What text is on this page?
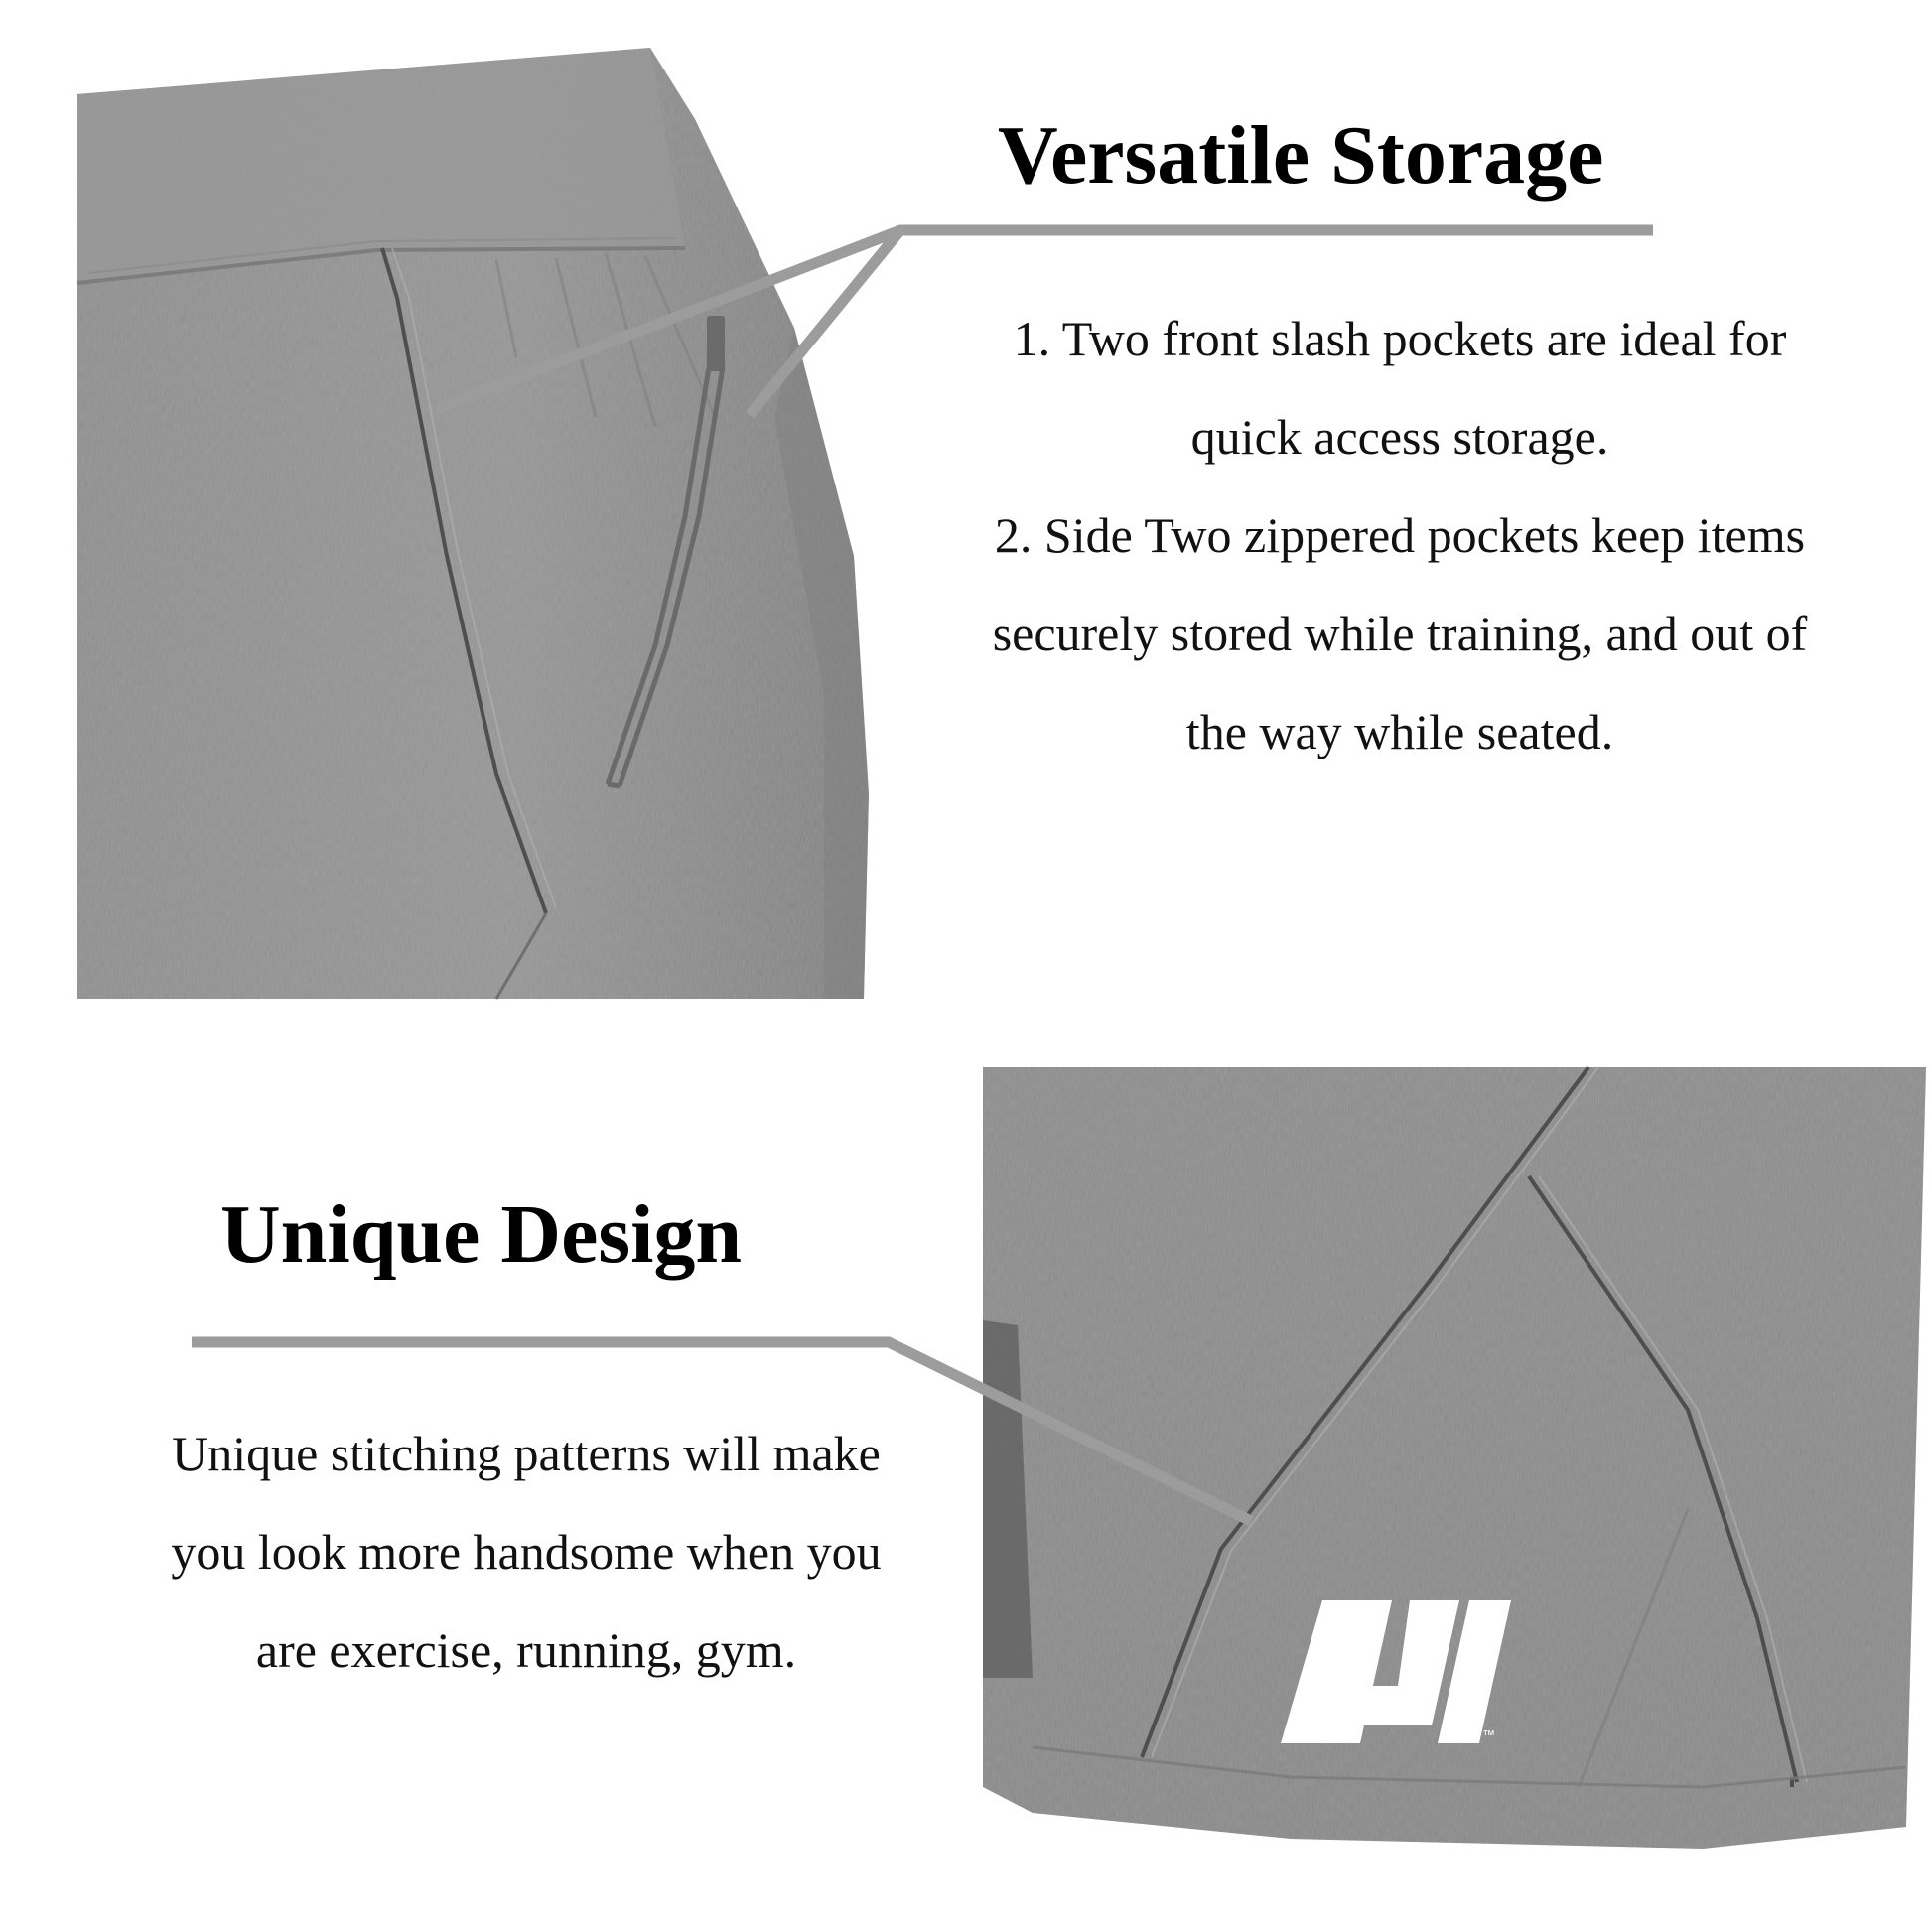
™
Versatile Storage
1. Two front slash pockets are ideal for
quick access storage.
2. Side Two zippered pockets keep items
securely stored while training, and out of
the way while seated.
Unique Design
Unique stitching patterns will make
you look more handsome when you
are exercise, running, gym.
